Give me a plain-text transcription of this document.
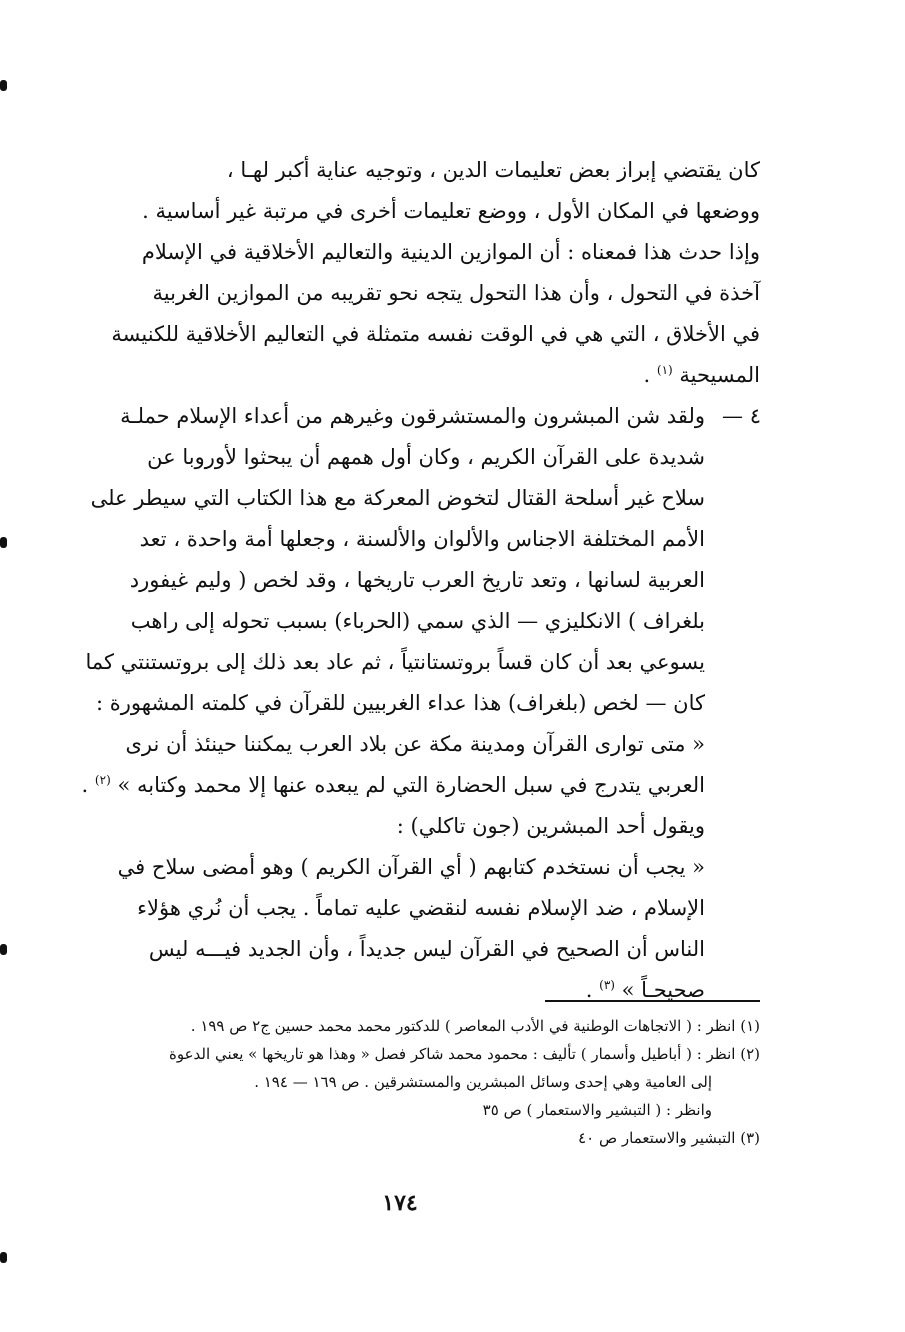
كان يقتضي إبراز بعض تعليمات الدين ، وتوجيه عناية أكبر لهـا ،
ووضعها في المكان الأول ، ووضع تعليمات أخرى في مرتبة غير أساسية .
وإذا حدث هذا فمعناه : أن الموازين الدينية والتعاليم الأخلاقية في الإسلام
آخذة في التحول ، وأن هذا التحول يتجه نحو تقريبه من الموازين الغربية
في الأخلاق ، التي هي في الوقت نفسه متمثلة في التعاليم الأخلاقية للكنيسة
المسيحية $^{(١)}$ .
٤ —
ولقد شن المبشرون والمستشرقون وغيرهم من أعداء الإسلام حملـة
شديدة على القرآن الكريم ، وكان أول همهم أن يبحثوا لأوروبا عن
سلاح غير أسلحة القتال لتخوض المعركة مع هذا الكتاب التي سيطر على
الأمم المختلفة الاجناس والألوان والألسنة ، وجعلها أمة واحدة ، تعد
العربية لسانها ، وتعد تاريخ العرب تاريخها ، وقد لخص ( وليم غيفورد
بلغراف ) الانكليزي — الذي سمي (الحرباء) بسبب تحوله إلى راهب
يسوعي بعد أن كان قساً بروتستانتياً ، ثم عاد بعد ذلك إلى بروتستنتي كما
كان — لخص (بلغراف) هذا عداء الغربيين للقرآن في كلمته المشهورة :
« متى توارى القرآن ومدينة مكة عن بلاد العرب يمكننا حينئذ أن نرى
العربي يتدرج في سبل الحضارة التي لم يبعده عنها إلا محمد وكتابه » $^{(٢)}$ .
ويقول أحد المبشرين (جون تاكلي) :
« يجب أن نستخدم كتابهم ( أي القرآن الكريم ) وهو أمضى سلاح في
الإسلام ، ضد الإسلام نفسه لنقضي عليه تماماً . يجب أن نُري هؤلاء
الناس أن الصحيح في القرآن ليس جديداً ، وأن الجديد فيـــه ليس
صحيحـاً » $^{(٣)}$ .
(١) انظر : ( الاتجاهات الوطنية في الأدب المعاصر ) للدكتور محمد محمد حسين ج٢ ص ١٩٩ .
(٢) انظر : ( أباطيل وأسمار ) تأليف : محمود محمد شاكر فصل « وهذا هو تاريخها » يعني الدعوة
إلى العامية وهي إحدى وسائل المبشرين والمستشرقين . ص ١٦٩ — ١٩٤ .
وانظر : ( التبشير والاستعمار ) ص ٣٥
(٣) التبشير والاستعمار ص ٤٠
١٧٤
